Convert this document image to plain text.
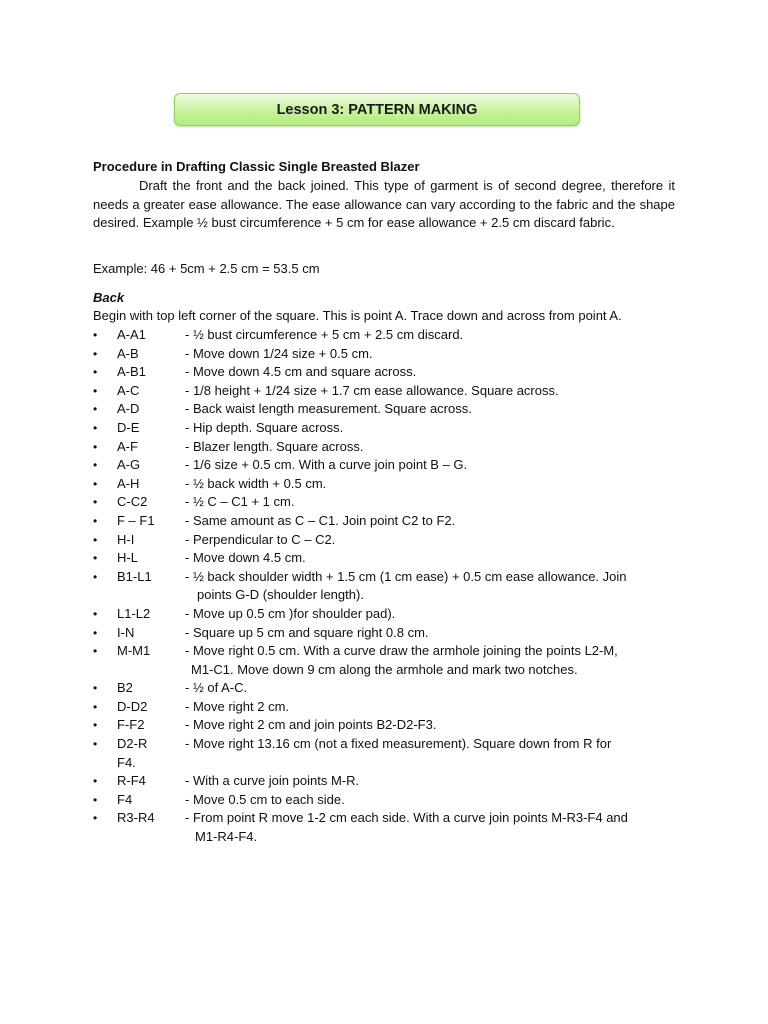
Lesson 3: PATTERN MAKING
Procedure in Drafting Classic Single Breasted Blazer

Draft the front and the back joined. This type of garment is of second degree, therefore it needs a greater ease allowance. The ease allowance can vary according to the fabric and the shape desired. Example ½ bust circumference + 5 cm for ease allowance + 2.5 cm discard fabric.

Example: 46 + 5cm + 2.5 cm = 53.5 cm
Back
Begin with top left corner of the square. This is point A. Trace down and across from point A.
• A-A1	- ½ bust circumference + 5 cm + 2.5 cm discard.
• A-B	- Move down 1/24 size + 0.5 cm.
• A-B1	- Move down 4.5 cm and square across.
• A-C	- 1/8 height + 1/24 size + 1.7 cm ease allowance. Square across.
• A-D	- Back waist length measurement. Square across.
• D-E	- Hip depth. Square across.
• A-F	- Blazer length. Square across.
• A-G	- 1/6 size + 0.5 cm. With a curve join point B – G.
• A-H	- ½ back width + 0.5 cm.
• C-C2	- ½ C – C1 + 1 cm.
• F – F1 - Same amount as C – C1. Join point C2 to F2.
• H-I	- Perpendicular to C – C2.
• H-L	- Move down 4.5 cm.
• B1-L1	- ½ back shoulder width + 1.5 cm (1 cm ease) + 0.5 cm ease allowance. Join
points G-D (shoulder length).
• L1-L2	- Move up 0.5 cm )for shoulder pad).
• I-N	- Square up 5 cm and square right 0.8 cm.
• M-M1	- Move right 0.5 cm. With a curve draw the armhole joining the points L2-M,
M1-C1. Move down 9 cm along the armhole and mark two notches.
• B2	- ½ of A-C.
• D-D2	- Move right 2 cm.
• F-F2	- Move right 2 cm and join points B2-D2-F3.
• D2-R	- Move right 13.16 cm (not a fixed measurement). Square down from R for
F4.
• R-F4	- With a curve join points M-R.
• F4	- Move 0.5 cm to each side.
• R3-R4 - From point R move 1-2 cm each side. With a curve join points M-R3-F4 and
M1-R4-F4.
